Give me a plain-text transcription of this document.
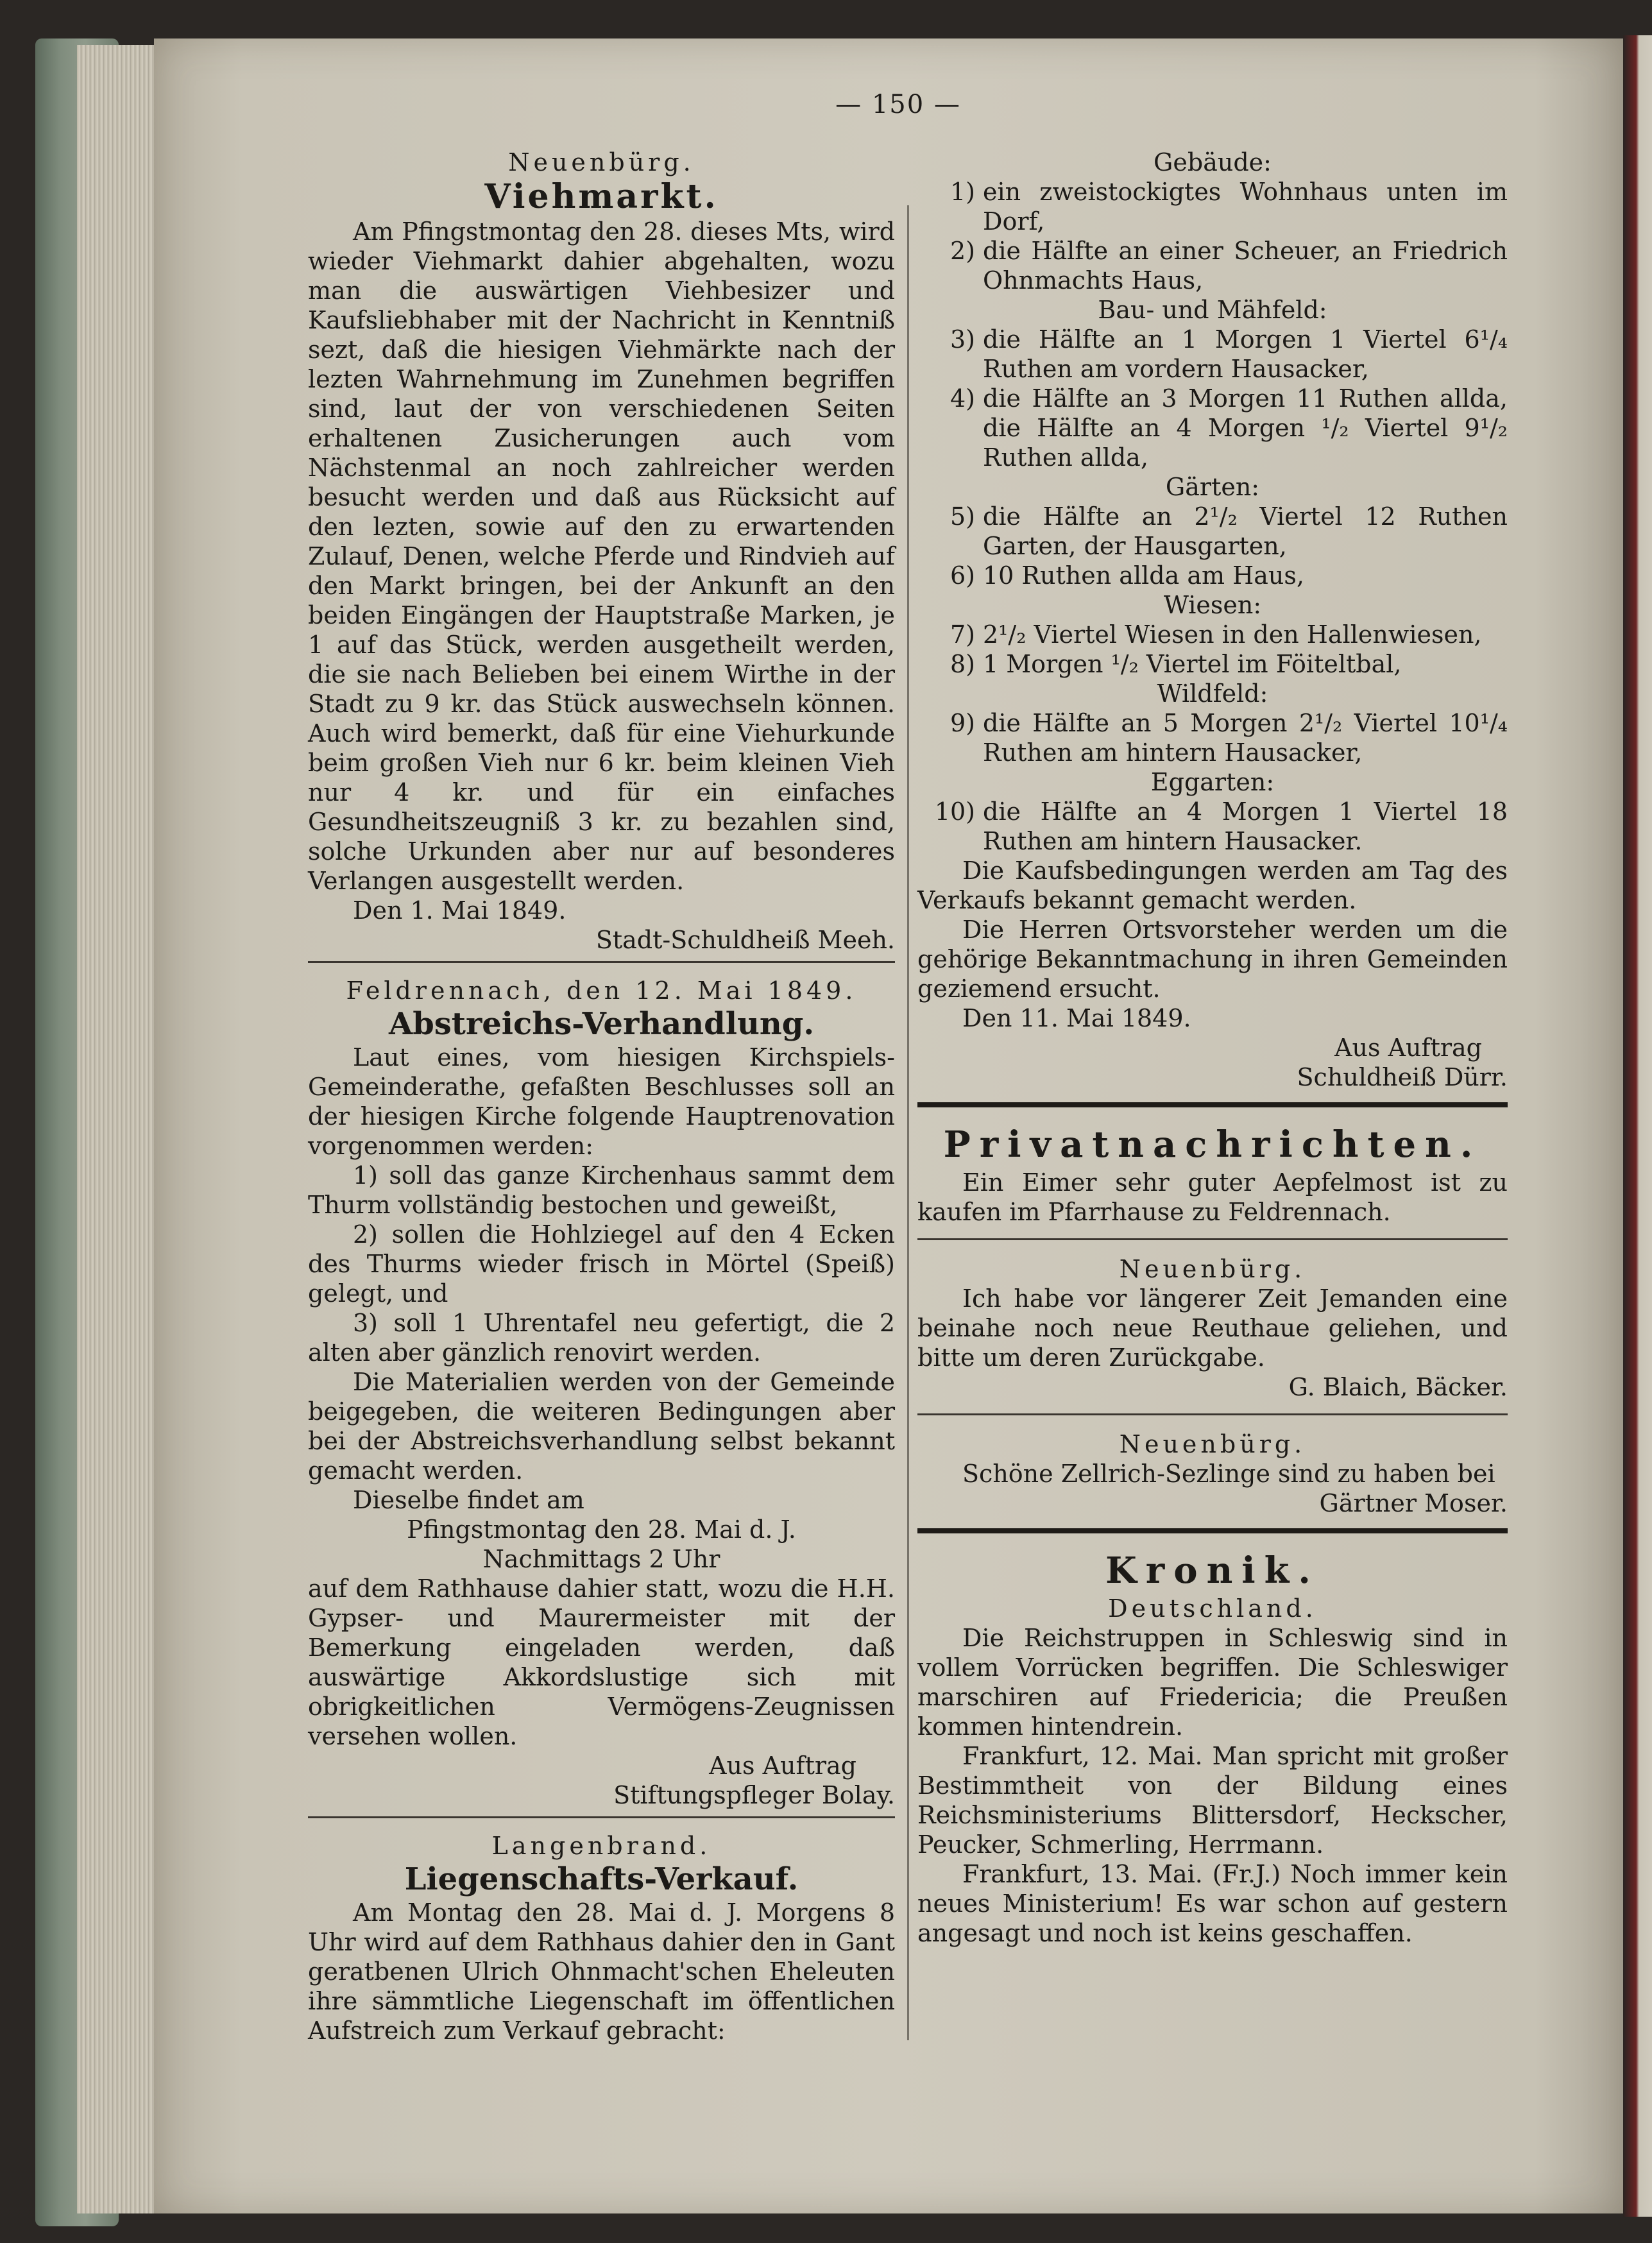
— 150 —

Neuenbürg.

Viehmarkt.

Am Pfingstmontag den 28. dieses Mts, wird wieder Viehmarkt dahier abgehalten, wozu man die auswärtigen Viehbesizer und Kaufsliebhaber mit der Nachricht in Kenntniß sezt, daß die hiesigen Viehmärkte nach der lezten Wahrnehmung im Zunehmen begriffen sind, laut der von verschiedenen Seiten erhaltenen Zusicherungen auch vom Nächstenmal an noch zahlreicher werden besucht werden und daß aus Rücksicht auf den lezten, sowie auf den zu erwartenden Zulauf, Denen, welche Pferde und Rindvieh auf den Markt bringen, bei der Ankunft an den beiden Eingängen der Hauptstraße Marken, je 1 auf das Stück, werden ausgetheilt werden, die sie nach Belieben bei einem Wirthe in der Stadt zu 9 kr. das Stück auswechseln können. Auch wird bemerkt, daß für eine Viehurkunde beim großen Vieh nur 6 kr. beim kleinen Vieh nur 4 kr. und für ein einfaches Gesundheitszeugniß 3 kr. zu bezahlen sind, solche Urkunden aber nur auf besonderes Verlangen ausgestellt werden.

Den 1. Mai 1849.

Stadt-Schuldheiß Meeh.

Feldrennach, den 12. Mai 1849.

Abstreichs-Verhandlung.

Laut eines, vom hiesigen Kirchspiels-Gemeinderathe, gefaßten Beschlusses soll an der hiesigen Kirche folgende Hauptrenovation vorgenommen werden:

1) soll das ganze Kirchenhaus sammt dem Thurm vollständig bestochen und geweißt,

2) sollen die Hohlziegel auf den 4 Ecken des Thurms wieder frisch in Mörtel (Speiß) gelegt, und

3) soll 1 Uhrentafel neu gefertigt, die 2 alten aber gänzlich renovirt werden.

Die Materialien werden von der Gemeinde beigegeben, die weiteren Bedingungen aber bei der Abstreichsverhandlung selbst bekannt gemacht werden.

Dieselbe findet am

Pfingstmontag den 28. Mai d. J.

Nachmittags 2 Uhr

auf dem Rathhause dahier statt, wozu die H.H. Gypser- und Maurermeister mit der Bemerkung eingeladen werden, daß auswärtige Akkordslustige sich mit obrigkeitlichen Vermögens-Zeugnissen versehen wollen.

Aus Auftrag

Stiftungspfleger Bolay.

Langenbrand.

Liegenschafts-Verkauf.

Am Montag den 28. Mai d. J. Morgens 8 Uhr wird auf dem Rathhaus dahier den in Gant geratbenen Ulrich Ohnmacht'schen Eheleuten ihre sämmtliche Liegenschaft im öffentlichen Aufstreich zum Verkauf gebracht:

Gebäude:

1) ein zweistockigtes Wohnhaus unten im Dorf,
2) die Hälfte an einer Scheuer, an Friedrich Ohnmachts Haus,

Bau- und Mähfeld:

3) die Hälfte an 1 Morgen 1 Viertel 6¹/₄ Ruthen am vordern Hausacker,
4) die Hälfte an 3 Morgen 11 Ruthen allda, die Hälfte an 4 Morgen ¹/₂ Viertel 9¹/₂ Ruthen allda,

Gärten:

5) die Hälfte an 2¹/₂ Viertel 12 Ruthen Garten, der Hausgarten,
6) 10 Ruthen allda am Haus,

Wiesen:

7) 2¹/₂ Viertel Wiesen in den Hallenwiesen,
8) 1 Morgen ¹/₂ Viertel im Föiteltbal,

Wildfeld:

9) die Hälfte an 5 Morgen 2¹/₂ Viertel 10¹/₄ Ruthen am hintern Hausacker,

Eggarten:

10) die Hälfte an 4 Morgen 1 Viertel 18 Ruthen am hintern Hausacker.

Die Kaufsbedingungen werden am Tag des Verkaufs bekannt gemacht werden.

Die Herren Ortsvorsteher werden um die gehörige Bekanntmachung in ihren Gemeinden geziemend ersucht.

Den 11. Mai 1849.

Aus Auftrag

Schuldheiß Dürr.

Privatnachrichten.

Ein Eimer sehr guter Aepfelmost ist zu kaufen im Pfarrhause zu Feldrennach.

Neuenbürg.

Ich habe vor längerer Zeit Jemanden eine beinahe noch neue Reuthaue geliehen, und bitte um deren Zurückgabe.

G. Blaich, Bäcker.

Neuenbürg.

Schöne Zellrich-Sezlinge sind zu haben bei

Gärtner Moser.

Kronik.

Deutschland.

Die Reichstruppen in Schleswig sind in vollem Vorrücken begriffen. Die Schleswiger marschiren auf Friedericia; die Preußen kommen hintendrein.

Frankfurt, 12. Mai. Man spricht mit großer Bestimmtheit von der Bildung eines Reichsministeriums Blittersdorf, Heckscher, Peucker, Schmerling, Herrmann.

Frankfurt, 13. Mai. (Fr.J.) Noch immer kein neues Ministerium! Es war schon auf gestern angesagt und noch ist keins geschaffen.
